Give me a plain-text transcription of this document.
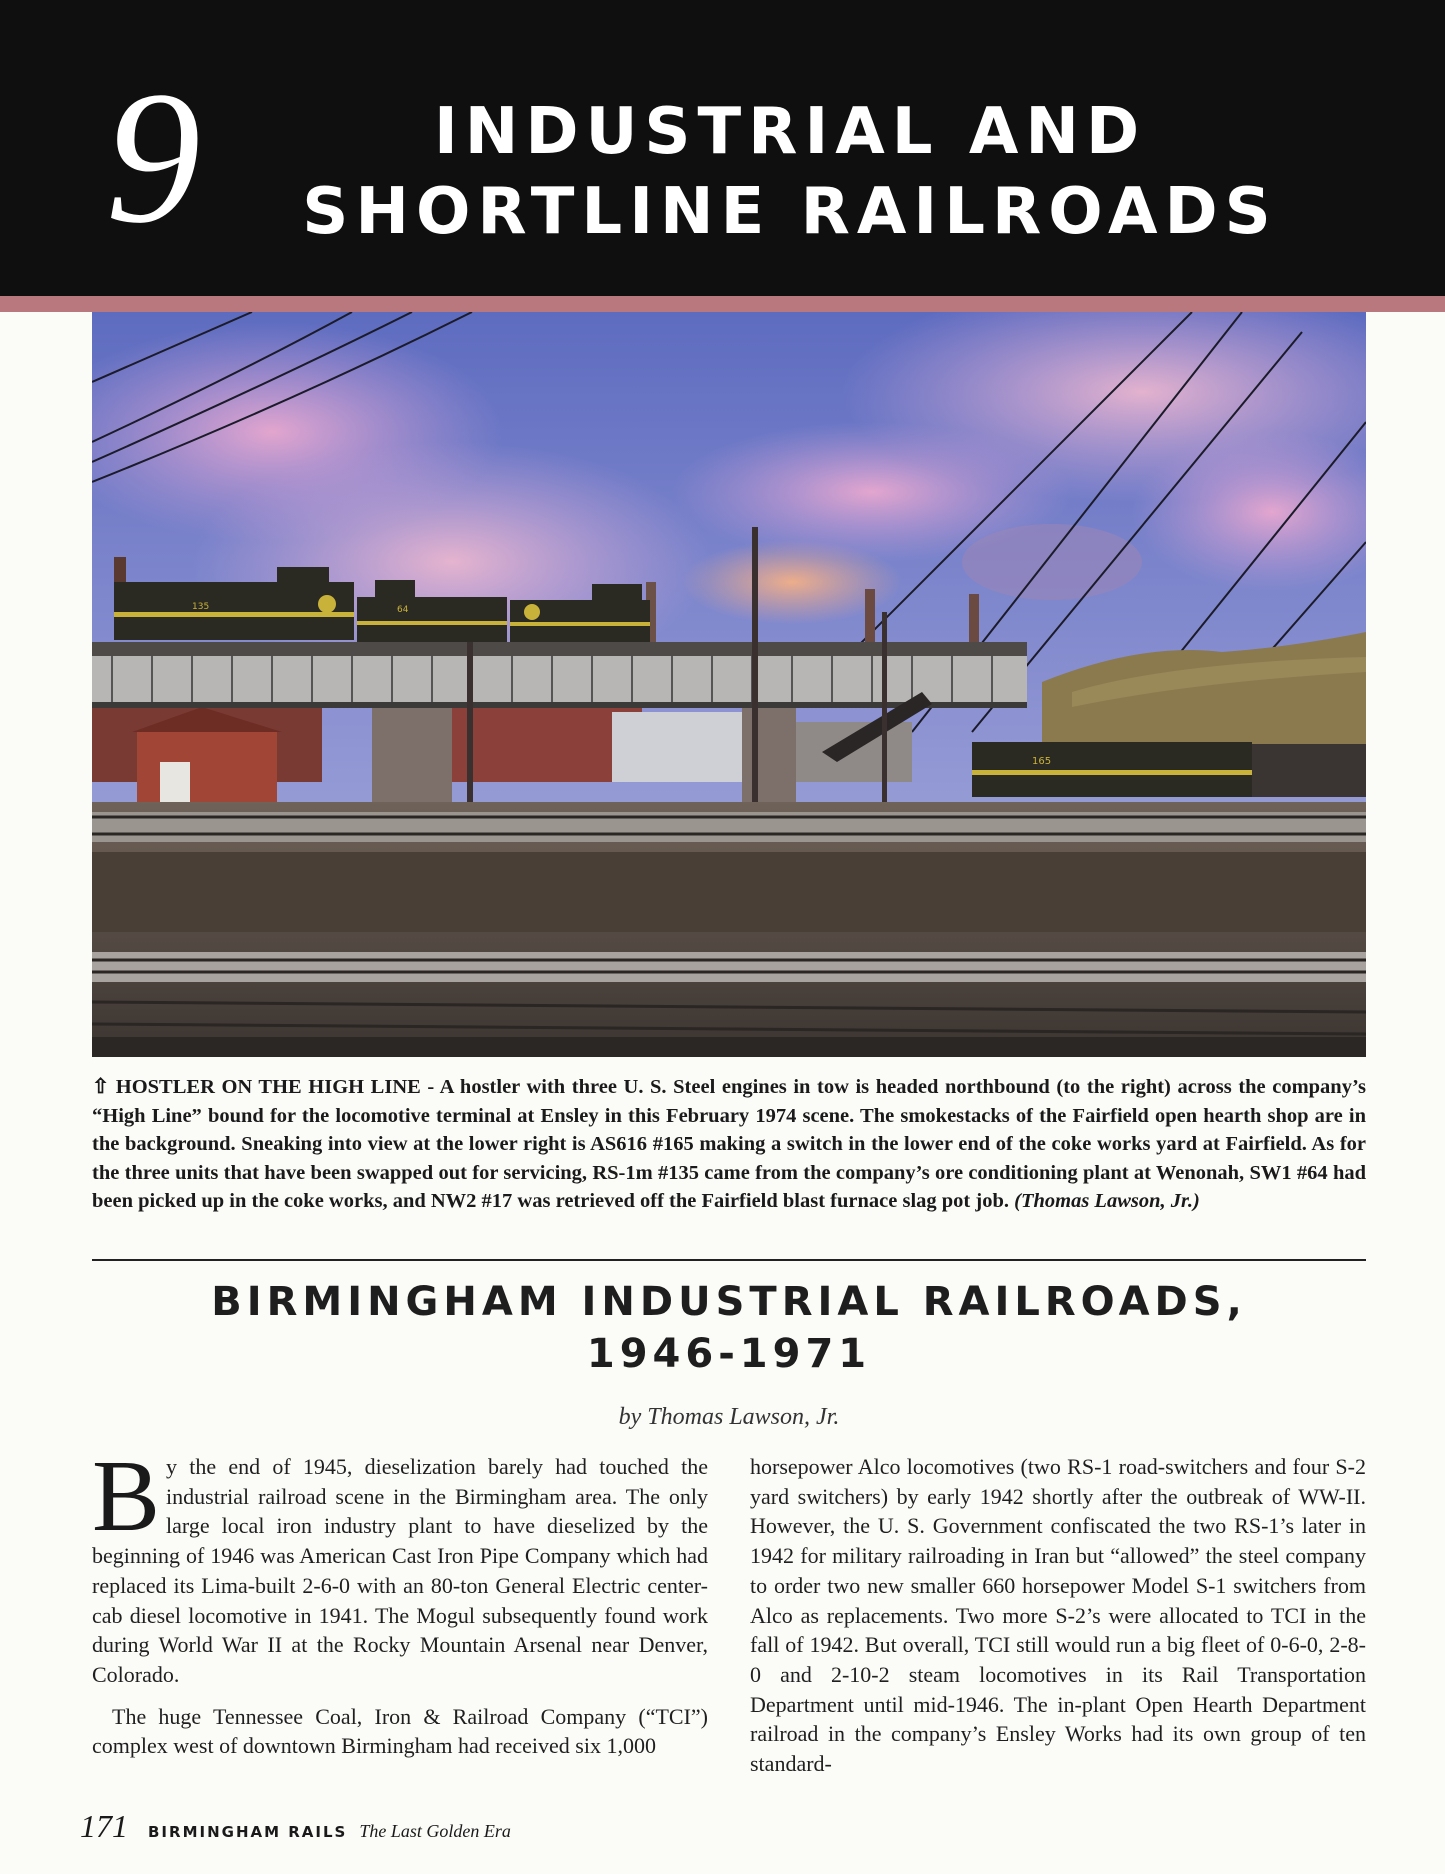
9	INDUSTRIAL AND
SHORTLINE RAILROADS
135	64
165
⇧ HOSTLER ON THE HIGH LINE - A hostler with three U. S. Steel engines in tow is headed northbound (to the right) across the company’s “High Line” bound for the locomotive terminal at Ensley in this February 1974 scene. The smokestacks of the Fairfield open hearth shop are in the background. Sneaking into view at the lower right is AS616 #165 making a switch in the lower end of the coke works yard at Fairfield. As for the three units that have been swapped out for servicing, RS-1m #135 came from the company’s ore conditioning plant at Wenonah, SW1 #64 had been picked up in the coke works, and NW2 #17 was retrieved off the Fairfield blast furnace slag pot job. (Thomas Lawson, Jr.)
BIRMINGHAM INDUSTRIAL RAILROADS,
1946-1971
by Thomas Lawson, Jr.

By the end of 1945, dieselization barely had touched the industrial railroad scene in the Birmingham area. The only large local iron industry plant to have dieselized by the beginning of 1946 was American Cast Iron Pipe Company which had replaced its Lima-built 2-6-0 with an 80-ton General Electric center-cab diesel locomotive in 1941. The Mogul subsequently found work during World War II at the Rocky Mountain Arsenal near Denver, Colorado.

The huge Tennessee Coal, Iron & Railroad Company (“TCI”) complex west of downtown Birmingham had received six 1,000

horsepower Alco locomotives (two RS-1 road-switchers and four S-2 yard switchers) by early 1942 shortly after the outbreak of WW-II. However, the U. S. Government confiscated the two RS-1’s later in 1942 for military railroading in Iran but “allowed” the steel company to order two new smaller 660 horsepower Model S-1 switchers from Alco as replacements. Two more S-2’s were allocated to TCI in the fall of 1942. But overall, TCI still would run a big fleet of 0-6-0, 2-8-0 and 2-10-2 steam locomotives in its Rail Transportation Department until mid-1946. The in-plant Open Hearth Department railroad in the company’s Ensley Works had its own group of ten standard-

171 BIRMINGHAM RAILS The Last Golden Era
